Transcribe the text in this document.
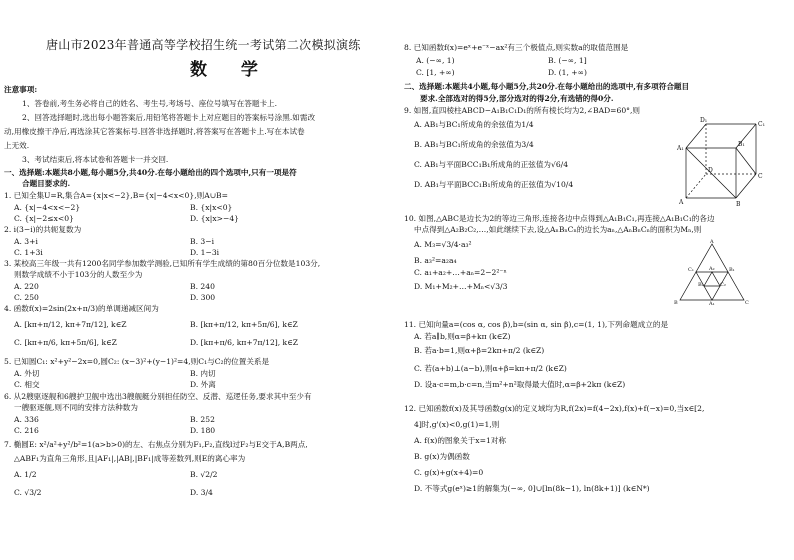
唐山市2023年普通高等学校招生统一考试第二次模拟演练
数 学
注意事项:
1、答卷前,考生务必将自己的姓名、考生号,考场号、座位号填写在答题卡上.
2、回答选择题时,选出每小题答案后,用铅笔将答题卡上对应题目的答案标号涂黑.如需改
动,用橡皮擦干净后,再选涂其它答案标号.回答非选择题时,将答案写在答题卡上.写在本试卷
上无效.
3、考试结束后,将本试卷和答题卡一并交回.
一、选择题:本题共8小题,每小题5分,共40分.在每小题给出的四个选项中,只有一项是符
合题目要求的.
1. 已知全集U=R,集合A={x|x<−2},B={x|−4<x<0},则A∪B=
A. {x|−4<x<−2}	B. {x|x<0}
C. {x|−2≤x<0}	D. {x|x>−4}
2. i(3−i)的共轭复数为
A. 3+i	B. 3−i
C. 1+3i	D. 1−3i
3. 某校高三年级一共有1200名同学参加数学测验,已知所有学生成绩的第80百分位数是103分,
则数学成绩不小于103分的人数至少为
A. 220	B. 240
C. 250	D. 300
4. 函数f(x)=2sin(2x+π/3)的单调递减区间为
A. [kπ+π/12, kπ+7π/12], k∈Z	B. [kπ+π/12, kπ+5π/6], k∈Z
C. [kπ+π/6, kπ+5π/6], k∈Z	D. [kπ+π/6, kπ+7π/12], k∈Z
5. 已知圆C₁: x²+y²−2x=0,圆C₂: (x−3)²+(y−1)²=4,则C₁与C₂的位置关系是
A. 外切	B. 内切
C. 相交	D. 外离
6. 从2艘驱逐舰和6艘护卫舰中选出3艘舰艇分别担任防空、反潜、巡逻任务,要求其中至少有
一艘驱逐舰,则不同的安排方法种数为
A. 336	B. 252
C. 216	D. 180
7. 椭圆E: x²/a²+y²/b²=1(a>b>0)的左、右焦点分别为F₁,F₂,直线l过F₂与E交于A,B两点,
△ABF₁为直角三角形,且|AF₁|,|AB|,|BF₁|成等差数列,则E的离心率为
A. 1/2	B. √2/2
C. √3/2	D. 3/4
8. 已知函数f(x)=eˣ+e⁻ˣ−ax²有三个极值点,则实数a的取值范围是
A. (−∞, 1)	B. (−∞, 1]
C. [1, +∞)	D. (1, +∞)
二、选择题:本题共4小题,每小题5分,共20分.在每小题给出的选项中,有多项符合题目
要求.全部选对的得5分,部分选对的得2分,有选错的得0分.
9. 如图,直四棱柱ABCD−A₁B₁C₁D₁的所有棱长均为2,∠BAD=60°,则
A. AB₁与BC₁所成角的余弦值为1/4
B. AB₁与BC₁所成角的余弦值为3/4
C. AB₁与平面BCC₁B₁所成角的正弦值为√6/4
D. AB₁与平面BCC₁B₁所成角的正弦值为√10/4
D₁
C₁
A₁
B₁
D
C
A	B
10. 如图,△ABC是边长为2的等边三角形,连接各边中点得到△A₁B₁C₁,再连接△A₁B₁C₁的各边
中点得到△A₂B₂C₂,…,如此继续下去,设△AₙBₙCₙ的边长为aₙ,△AₙBₙCₙ的面积为Mₙ,则
A. M₃=√3/4·a₃²
B. a₃²=a₂a₄
C. a₁+a₂+…+aₙ=2−2²⁻ⁿ
D. M₁+M₂+…+Mₙ<√3/3
A
B	C
A₁
B₁
C₁	A₂
B₂	C₂
11. 已知向量a=(cos α, cos β),b=(sin α, sin β),c=(1, 1),下列命题成立的是
A. 若a∥b,则α=β+kπ (k∈Z)
B. 若a·b=1,则α+β=2kπ+π/2 (k∈Z)
C. 若(a+b)⊥(a−b),则α+β=kπ+π/2 (k∈Z)
D. 设a·c=m,b·c=n,当m²+n²取得最大值时,α=β+2kπ (k∈Z)
12. 已知函数f(x)及其导函数g(x)的定义域均为R,f(2x)=f(4−2x),f(x)+f(−x)=0,当x∈[2,
4]时,g'(x)<0,g(1)=1,则
A. f(x)的图象关于x=1对称
B. g(x)为偶函数
C. g(x)+g(x+4)=0
D. 不等式g(eˣ)≥1的解集为(−∞, 0]∪[ln(8k−1), ln(8k+1)] (k∈N*)
